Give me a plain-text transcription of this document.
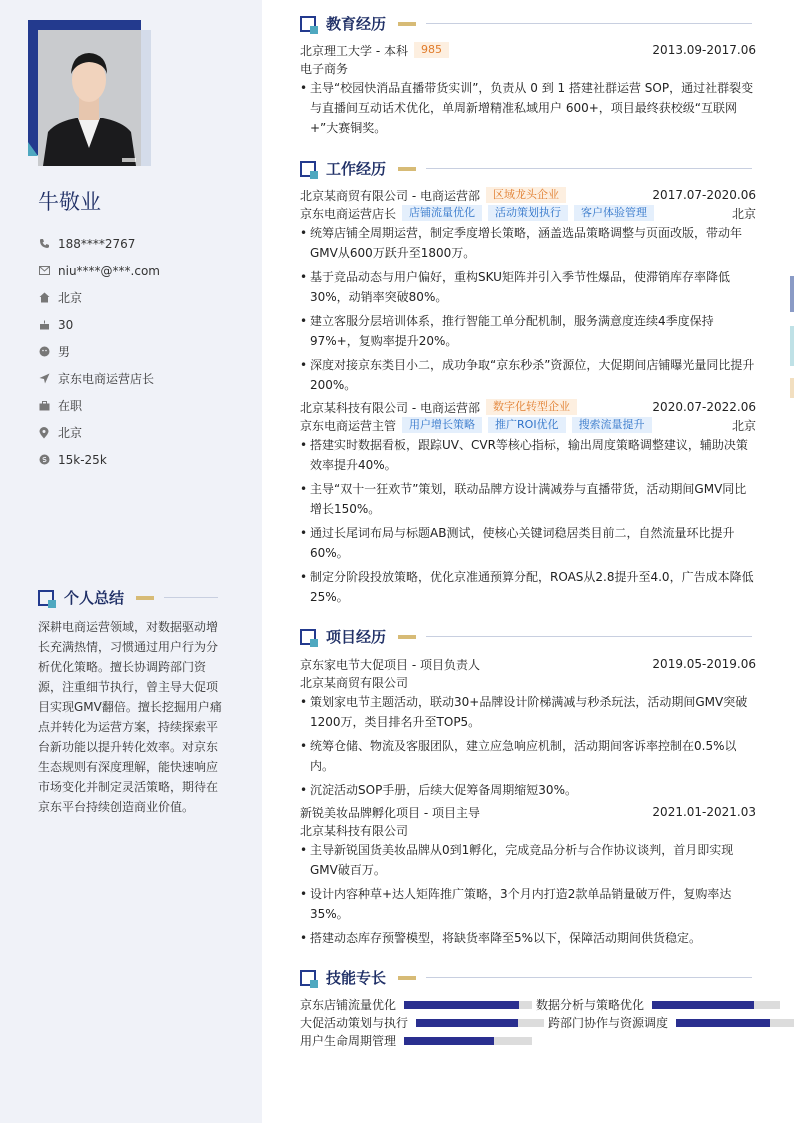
牛敬业
188****2767
niu****@***.com
北京
30
男
京东电商运营店长
在职
北京
15k-25k
个人总结
深耕电商运营领域，对数据驱动增长充满热情，习惯通过用户行为分析优化策略。擅长协调跨部门资源，注重细节执行，曾主导大促项目实现GMV翻倍。擅长挖掘用户痛点并转化为运营方案，持续探索平台新功能以提升转化效率。对京东生态规则有深度理解，能快速响应市场变化并制定灵活策略，期待在京东平台持续创造商业价值。
教育经历
北京理工大学 - 本科	985	2013.09-2017.06
电子商务
• 主导“校园快消品直播带货实训”，负责从 0 到 1 搭建社群运营 SOP，通过社群裂变与直播间互动话术优化，单周新增精准私域用户 600+，项目最终获校级“互联网+”大赛铜奖。
工作经历
北京某商贸有限公司 - 电商运营部	区域龙头企业	2017.07-2020.06
京东电商运营店长	店铺流量优化	活动策划执行	客户体验管理	北京
• 统筹店铺全周期运营，制定季度增长策略，涵盖选品策略调整与页面改版，带动年GMV从600万跃升至1800万。
• 基于竞品动态与用户偏好，重构SKU矩阵并引入季节性爆品，使滞销库存率降低30%，动销率突破80%。
• 建立客服分层培训体系，推行智能工单分配机制，服务满意度连续4季度保持97%+，复购率提升20%。
• 深度对接京东类目小二，成功争取“京东秒杀”资源位，大促期间店铺曝光量同比提升200%。
北京某科技有限公司 - 电商运营部	数字化转型企业	2020.07-2022.06
京东电商运营主管	用户增长策略	推广ROI优化	搜索流量提升	北京
• 搭建实时数据看板，跟踪UV、CVR等核心指标，输出周度策略调整建议，辅助决策效率提升40%。
• 主导“双十一狂欢节”策划，联动品牌方设计满减券与直播带货，活动期间GMV同比增长150%。
• 通过长尾词布局与标题AB测试，使核心关键词稳居类目前二，自然流量环比提升60%。
• 制定分阶段投放策略，优化京准通预算分配，ROAS从2.8提升至4.0，广告成本降低25%。
项目经历
京东家电节大促项目 - 项目负责人	2019.05-2019.06
北京某商贸有限公司
• 策划家电节主题活动，联动30+品牌设计阶梯满减与秒杀玩法，活动期间GMV突破1200万，类目排名升至TOP5。
• 统筹仓储、物流及客服团队，建立应急响应机制，活动期间客诉率控制在0.5%以内。
• 沉淀活动SOP手册，后续大促筹备周期缩短30%。
新锐美妆品牌孵化项目 - 项目主导	2021.01-2021.03
北京某科技有限公司
• 主导新锐国货美妆品牌从0到1孵化，完成竞品分析与合作协议谈判，首月即实现GMV破百万。
• 设计内容种草+达人矩阵推广策略，3个月内打造2款单品销量破万件，复购率达35%。
• 搭建动态库存预警模型，将缺货率降至5%以下，保障活动期间供货稳定。
技能专长
京东店铺流量优化	数据分析与策略优化
大促活动策划与执行	跨部门协作与资源调度
用户生命周期管理
